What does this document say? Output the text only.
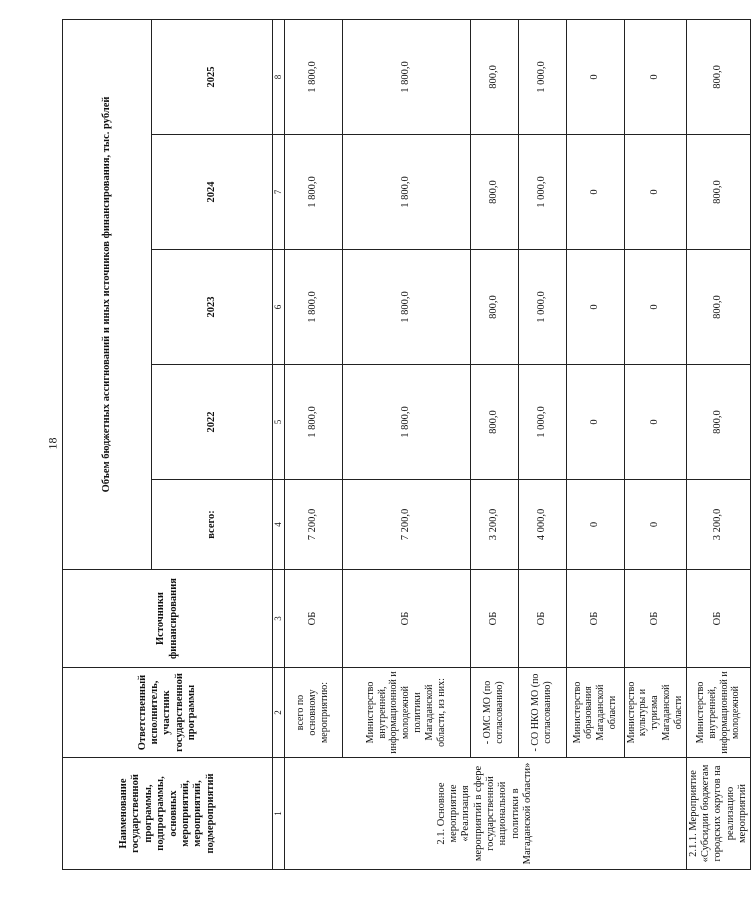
18
Наименование государственной программы, подпрограммы, основных мероприятий, мероприятий, подмероприятий	Ответственный исполнитель, участник государственной программы	Источники финансирования	Объем бюджетных ассигнований и иных источников финансирования, тыс. рублей				
			всего:	2022	2023	2024	2025
1	2	3	4	5	6	7	8
2.1. Основное мероприятие «Реализация мероприятий в сфере государственной национальной политики в Магаданской области»	всего по основному мероприятию:	ОБ	7 200,0	1 800,0	1 800,0	1 800,0	1 800,0
	Министерство внутренней, информационной и молодежной политики Магаданской области, из них:	ОБ	7 200,0	1 800,0	1 800,0	1 800,0	1 800,0
	- ОМС МО (по согласованию)	ОБ	3 200,0	800,0	800,0	800,0	800,0
	- СО НКО МО (по согласованию)	ОБ	4 000,0	1 000,0	1 000,0	1 000,0	1 000,0
	Министерство образования Магаданской области	ОБ	0	0	0	0	0
	Министерство культуры и туризма Магаданской области	ОБ	0	0	0	0	0
2.1.1. Мероприятие «Субсидии бюджетам городских округов на реализацию мероприятий	Министерство внутренней, информационной и молодежной	ОБ	3 200,0	800,0	800,0	800,0	800,0
